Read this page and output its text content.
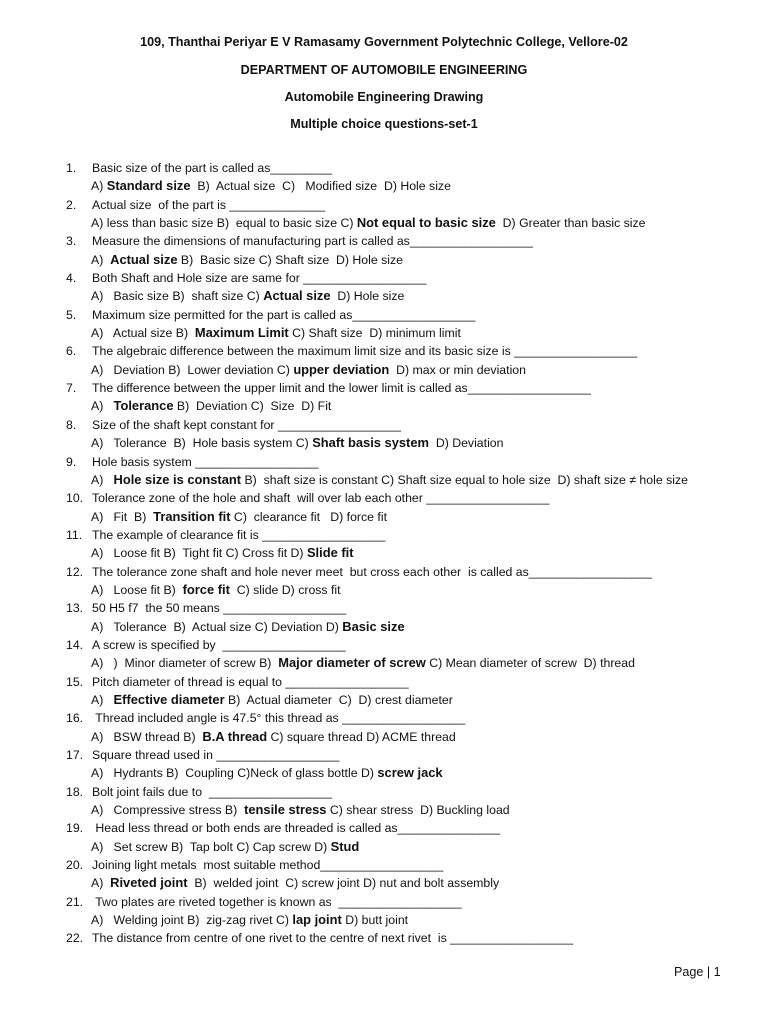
109, Thanthai Periyar E V Ramasamy Government Polytechnic College, Vellore-02
DEPARTMENT OF AUTOMOBILE ENGINEERING
Automobile Engineering Drawing
Multiple choice questions-set-1
1.	Basic size of the part is called as_________
A) Standard size  B)  Actual size  C)   Modified size  D) Hole size
2.	Actual size  of the part is ______________
A) less than basic size B)  equal to basic size C) Not equal to basic size  D) Greater than basic size
3.	Measure the dimensions of manufacturing part is called as__________________
A)  Actual size B)  Basic size C) Shaft size  D) Hole size
4.	Both Shaft and Hole size are same for __________________
A)   Basic size B)  shaft size C) Actual size  D) Hole size
5.	Maximum size permitted for the part is called as__________________
A)   Actual size B)  Maximum Limit C) Shaft size  D) minimum limit
6.	The algebraic difference between the maximum limit size and its basic size is __________________
A)   Deviation B)  Lower deviation C) upper deviation  D) max or min deviation
7.	The difference between the upper limit and the lower limit is called as__________________
A)   Tolerance B)  Deviation C)  Size  D) Fit
8.	Size of the shaft kept constant for __________________
A)   Tolerance  B)  Hole basis system C) Shaft basis system  D) Deviation
9.	Hole basis system __________________
A)   Hole size is constant B)  shaft size is constant C) Shaft size equal to hole size  D) shaft size ≠ hole size
10. Tolerance zone of the hole and shaft  will over lab each other __________________
A)   Fit  B)  Transition fit C)  clearance fit   D) force fit
11. The example of clearance fit is __________________
A)   Loose fit B)  Tight fit C) Cross fit D) Slide fit
12. The tolerance zone shaft and hole never meet  but cross each other  is called as__________________
A)   Loose fit B)  force fit  C) slide D) cross fit
13. 50 H5 f7  the 50 means __________________
A)   Tolerance  B)  Actual size C) Deviation D) Basic size
14. A screw is specified by  __________________
A)   )  Minor diameter of screw B)  Major diameter of screw C) Mean diameter of screw  D) thread
15. Pitch diameter of thread is equal to __________________
A)   Effective diameter B)  Actual diameter  C)  D) crest diameter
16. Thread included angle is 47.5° this thread as __________________
A)   BSW thread B)  B.A thread C) square thread D) ACME thread
17. Square thread used in __________________
A)   Hydrants B)  Coupling C)Neck of glass bottle D) screw jack
18. Bolt joint fails due to  __________________
A)   Compressive stress B)  tensile stress C) shear stress  D) Buckling load
19. Head less thread or both ends are threaded is called as_______________
A)   Set screw B)  Tap bolt C) Cap screw D) Stud
20. Joining light metals  most suitable method__________________
A)  Riveted joint  B)  welded joint  C) screw joint D) nut and bolt assembly
21. Two plates are riveted together is known as  __________________
A)   Welding joint B)  zig-zag rivet C) lap joint D) butt joint
22. The distance from centre of one rivet to the centre of next rivet  is __________________
Page | 1
